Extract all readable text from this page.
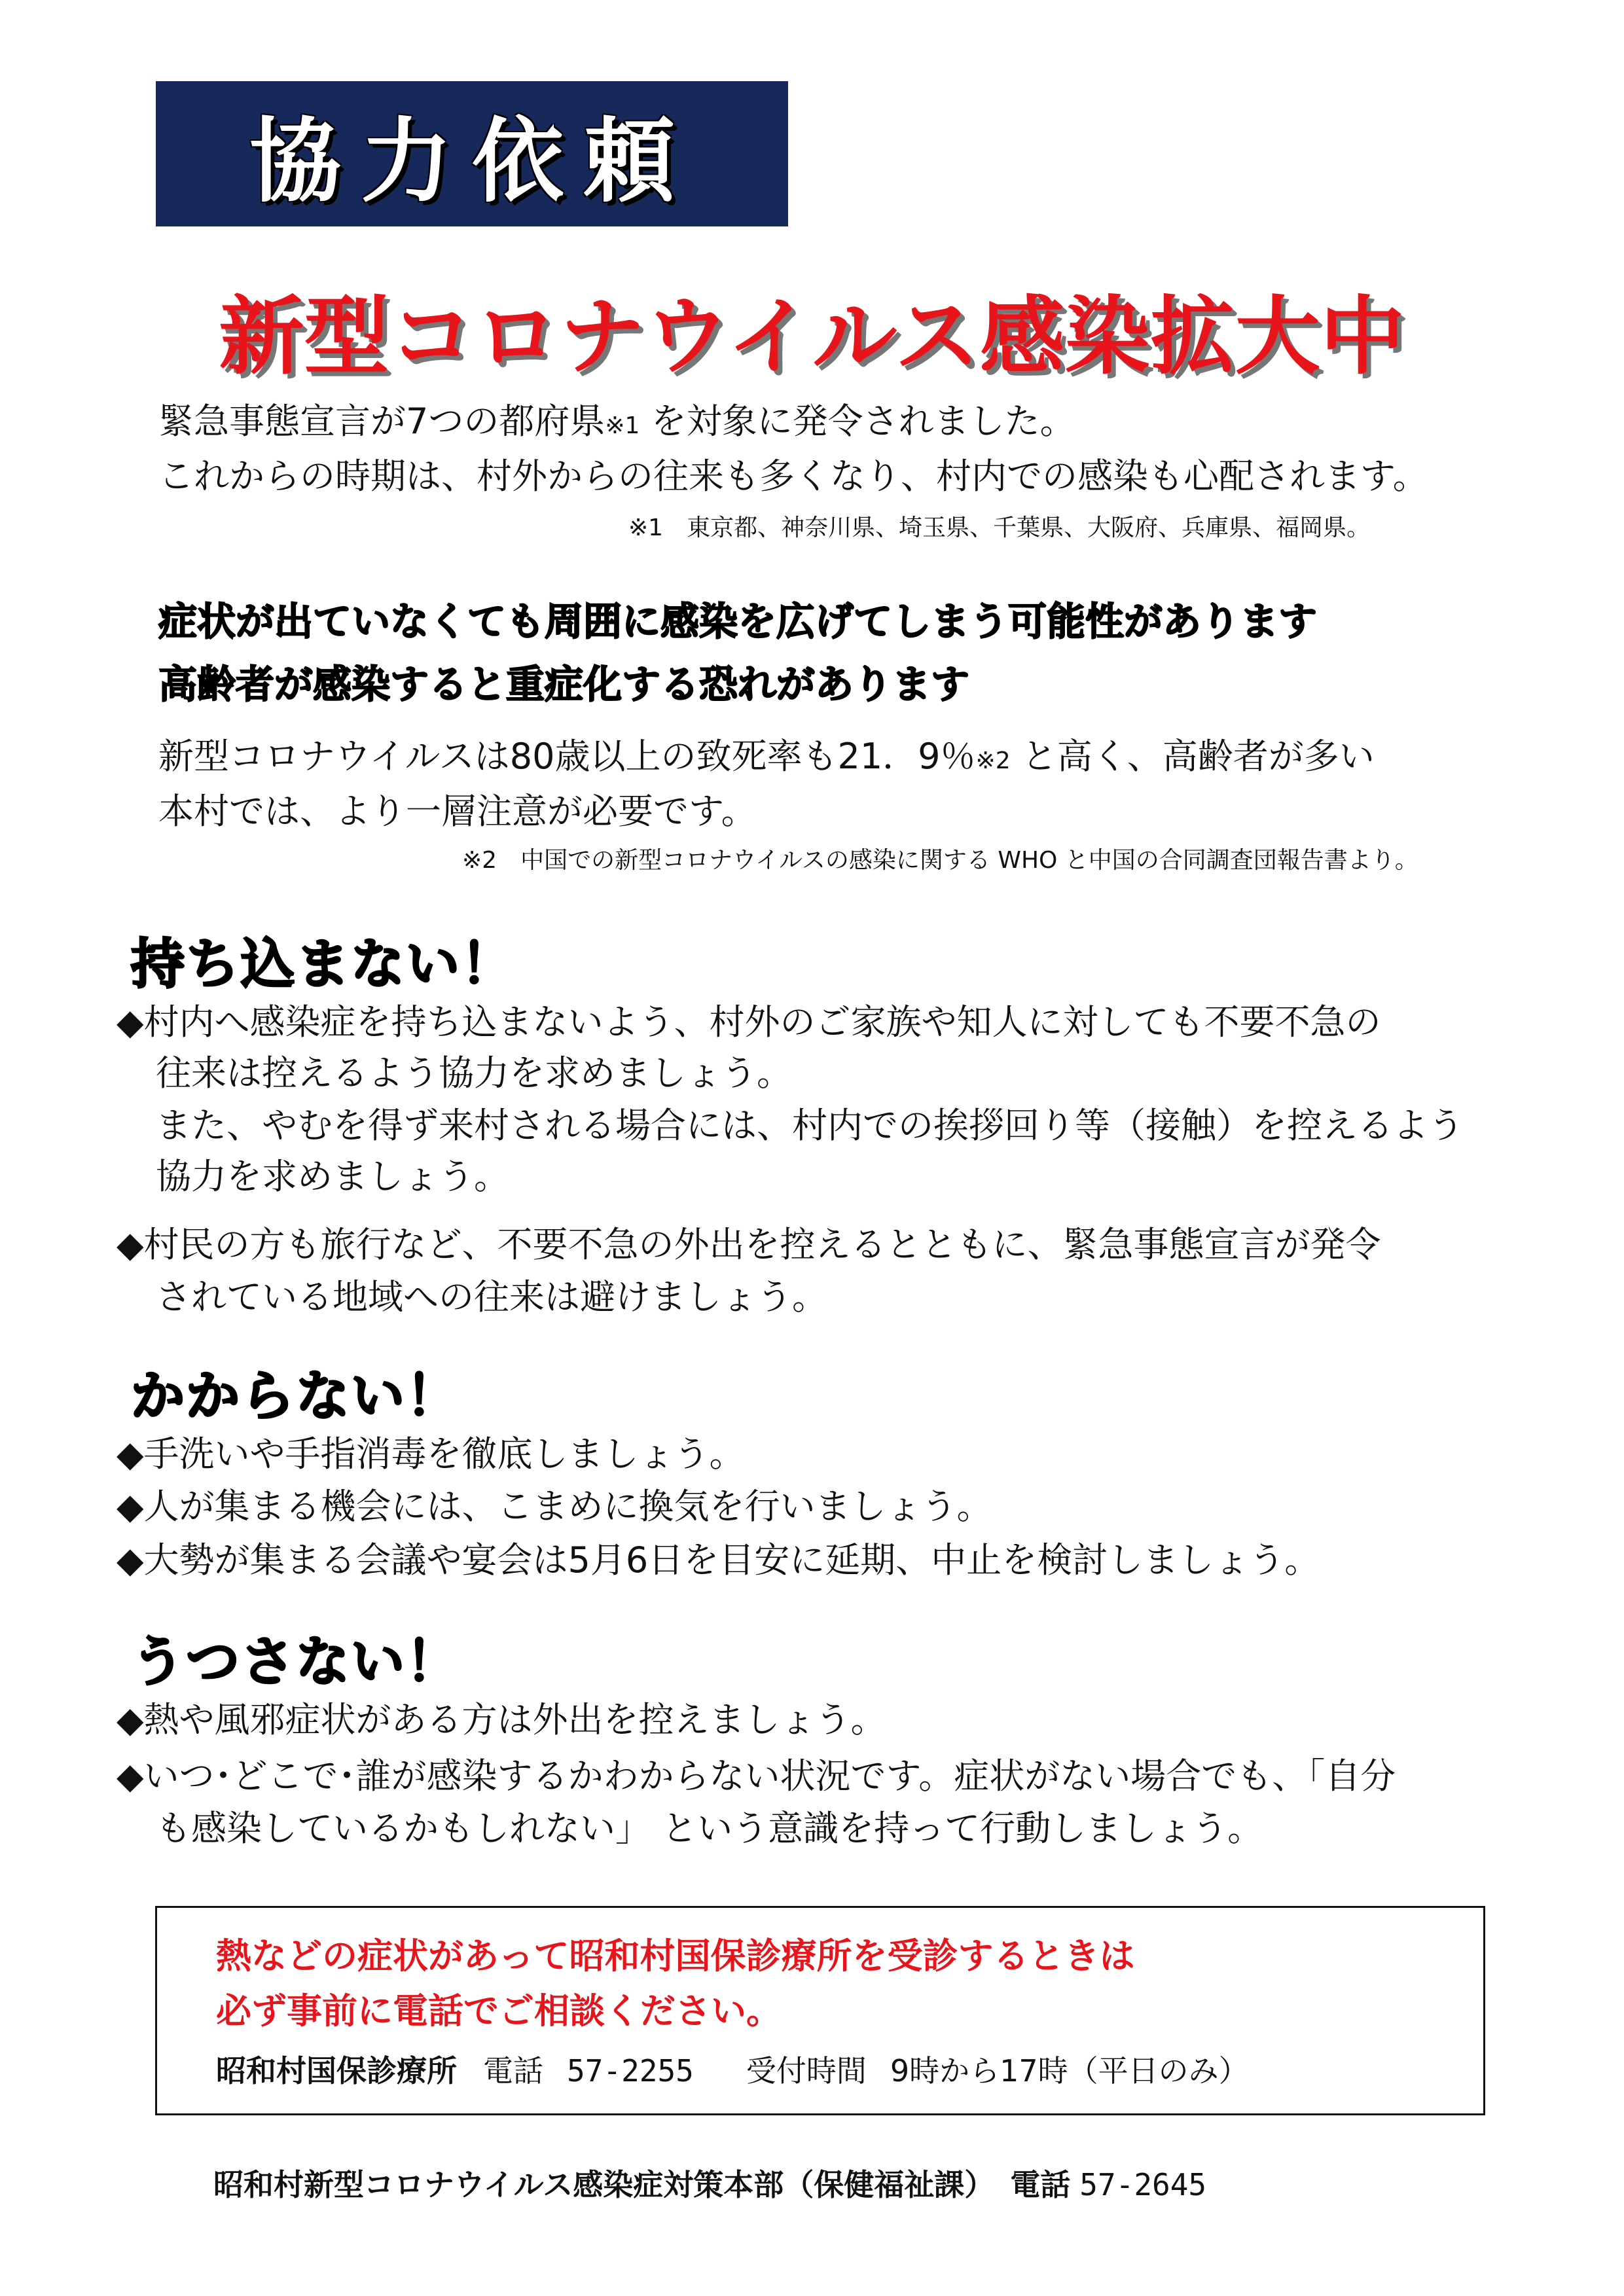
協力依頼
新型コロナウイルス感染拡大中
緊急事態宣言が7つの都府県※1 を対象に発令されました。
これからの時期は、村外からの往来も多くなり、村内での感染も心配されます。
※1　東京都、神奈川県、埼玉県、千葉県、大阪府、兵庫県、福岡県。
症状が出ていなくても周囲に感染を広げてしまう可能性があります
高齢者が感染すると重症化する恐れがあります
新型コロナウイルスは80歳以上の致死率も21．9％※2 と高く、高齢者が多い
本村では、より一層注意が必要です。
※2　中国での新型コロナウイルスの感染に関する WHO と中国の合同調査団報告書より。
持ち込まない！
◆村内へ感染症を持ち込まないよう、村外のご家族や知人に対しても不要不急の
往来は控えるよう協力を求めましょう。
また、やむを得ず来村される場合には、村内での挨拶回り等（接触）を控えるよう
協力を求めましょう。
◆村民の方も旅行など、不要不急の外出を控えるとともに、緊急事態宣言が発令
されている地域への往来は避けましょう。
かからない！
◆手洗いや手指消毒を徹底しましょう。
◆人が集まる機会には、こまめに換気を行いましょう。
◆大勢が集まる会議や宴会は5月6日を目安に延期、中止を検討しましょう。
うつさない！
◆熱や風邪症状がある方は外出を控えましょう。
◆いつ･どこで･誰が感染するかわからない状況です。症状がない場合でも、「自分
も感染しているかもしれない」 という意識を持って行動しましょう。
熱などの症状があって昭和村国保診療所を受診するときは
必ず事前に電話でご相談ください。
昭和村国保診療所 電話 57-2255 受付時間 9時から17時（平日のみ）
昭和村新型コロナウイルス感染症対策本部（保健福祉課） 電話 57-2645
